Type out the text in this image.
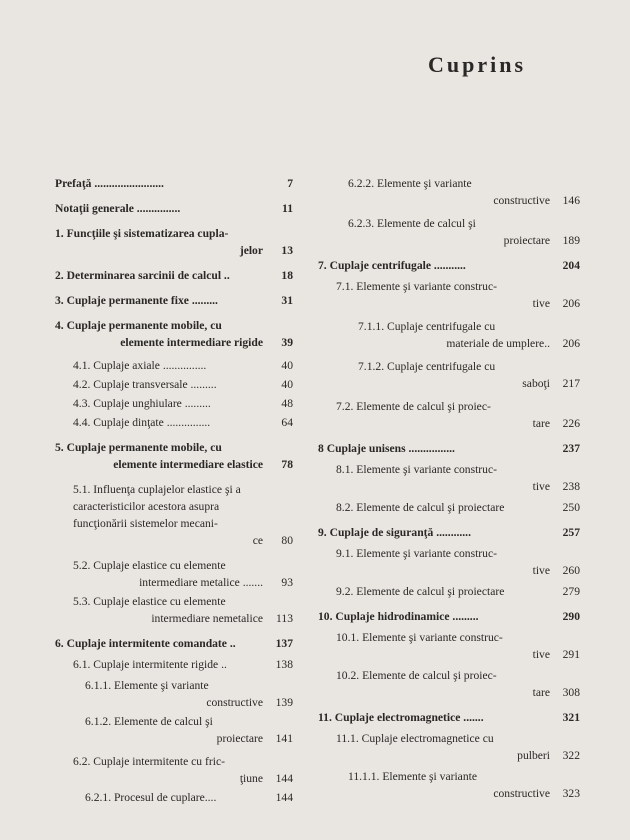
Cuprins
Prefaţă ........................	7
Notaţii generale ...............	11
1. Funcţiile şi sistematizarea cupla-
jelor	13
2. Determinarea sarcinii de calcul ..	18
3. Cuplaje permanente fixe .........	31
4. Cuplaje permanente mobile, cu
elemente intermediare rigide	39
4.1. Cuplaje axiale ...............	40
4.2. Cuplaje transversale .........	40
4.3. Cuplaje unghiulare .........	48
4.4. Cuplaje dinţate ...............	64
5. Cuplaje permanente mobile, cu
elemente intermediare elastice	78
5.1. Influenţa cuplajelor elastice şi a
caracteristicilor acestora asupra
funcţionării sistemelor mecani-
ce	80
5.2. Cuplaje elastice cu elemente
intermediare metalice .......	93
5.3. Cuplaje elastice cu elemente
intermediare nemetalice	113
6. Cuplaje intermitente comandate ..	137
6.1. Cuplaje intermitente rigide ..	138
6.1.1. Elemente şi variante
constructive	139
6.1.2. Elemente de calcul şi
proiectare	141
6.2. Cuplaje intermitente cu fric-
ţiune	144
6.2.1. Procesul de cuplare....	144
6.2.2. Elemente şi variante
constructive	146
6.2.3. Elemente de calcul şi
proiectare	189
7. Cuplaje centrifugale ...........	204
7.1. Elemente şi variante construc-
tive	206
7.1.1. Cuplaje centrifugale cu
materiale de umplere..	206
7.1.2. Cuplaje centrifugale cu
saboţi	217
7.2. Elemente de calcul şi proiec-
tare	226
8 Cuplaje unisens ................	237
8.1. Elemente şi variante construc-
tive	238
8.2. Elemente de calcul şi proiectare	250
9. Cuplaje de siguranţă ............	257
9.1. Elemente şi variante construc-
tive	260
9.2. Elemente de calcul şi proiectare	279
10. Cuplaje hidrodinamice .........	290
10.1. Elemente şi variante construc-
tive	291
10.2. Elemente de calcul şi proiec-
tare	308
11. Cuplaje electromagnetice .......	321
11.1. Cuplaje electromagnetice cu
pulberi	322
11.1.1. Elemente şi variante
constructive	323
